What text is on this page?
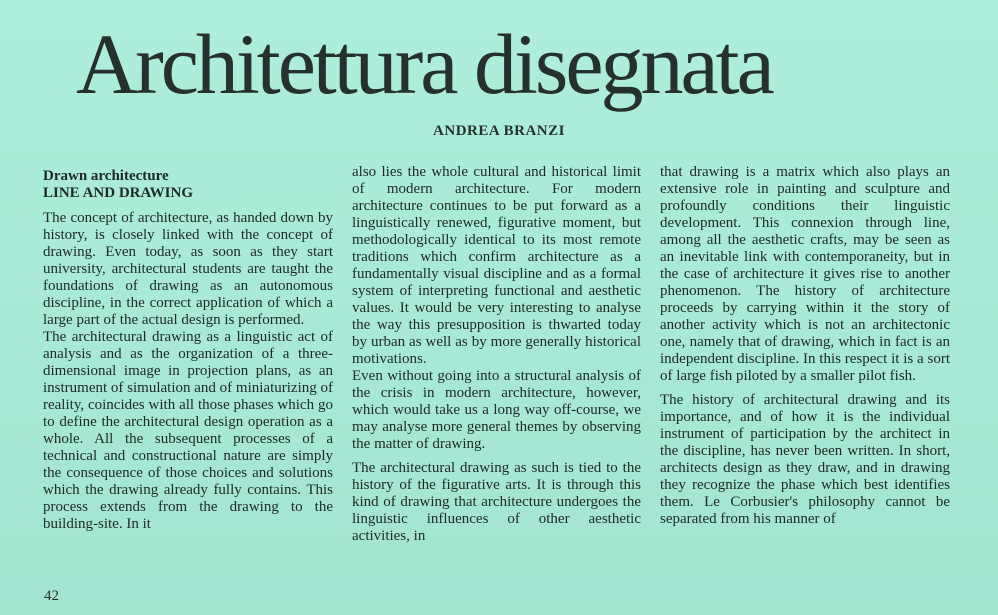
Architettura disegnata
ANDREA BRANZI
Drawn architecture
LINE AND DRAWING

The concept of architecture, as handed down by history, is closely linked with the concept of drawing. Even today, as soon as they start university, architectural students are taught the foundations of drawing as an autonomous discipline, in the correct application of which a large part of the actual design is performed.

The architectural drawing as a linguistic act of analysis and as the organization of a three-dimensional image in projection plans, as an instrument of simulation and of miniaturizing of reality, coincides with all those phases which go to define the architectural design operation as a whole. All the subsequent processes of a technical and constructional nature are simply the consequence of those choices and solutions which the drawing already fully contains. This process extends from the drawing to the building-site. In it

also lies the whole cultural and historical limit of modern architecture. For modern architecture continues to be put forward as a linguistically renewed, figurative moment, but methodologically identical to its most remote traditions which confirm architecture as a fundamentally visual discipline and as a formal system of interpreting functional and aesthetic values. It would be very interesting to analyse the way this presupposition is thwarted today by urban as well as by more generally historical motivations.

Even without going into a structural analysis of the crisis in modern architecture, however, which would take us a long way off-course, we may analyse more general themes by observing the matter of drawing.

The architectural drawing as such is tied to the history of the figurative arts. It is through this kind of drawing that architecture undergoes the linguistic influences of other aesthetic activities, in

that drawing is a matrix which also plays an extensive role in painting and sculpture and profoundly conditions their linguistic development. This connexion through line, among all the aesthetic crafts, may be seen as an inevitable link with contemporaneity, but in the case of architecture it gives rise to another phenomenon. The history of architecture proceeds by carrying within it the story of another activity which is not an architectonic one, namely that of drawing, which in fact is an independent discipline. In this respect it is a sort of large fish piloted by a smaller pilot fish.

The history of architectural drawing and its importance, and of how it is the individual instrument of participation by the architect in the discipline, has never been written. In short, architects design as they draw, and in drawing they recognize the phase which best identifies them. Le Corbusier's philosophy cannot be separated from his manner of

42
